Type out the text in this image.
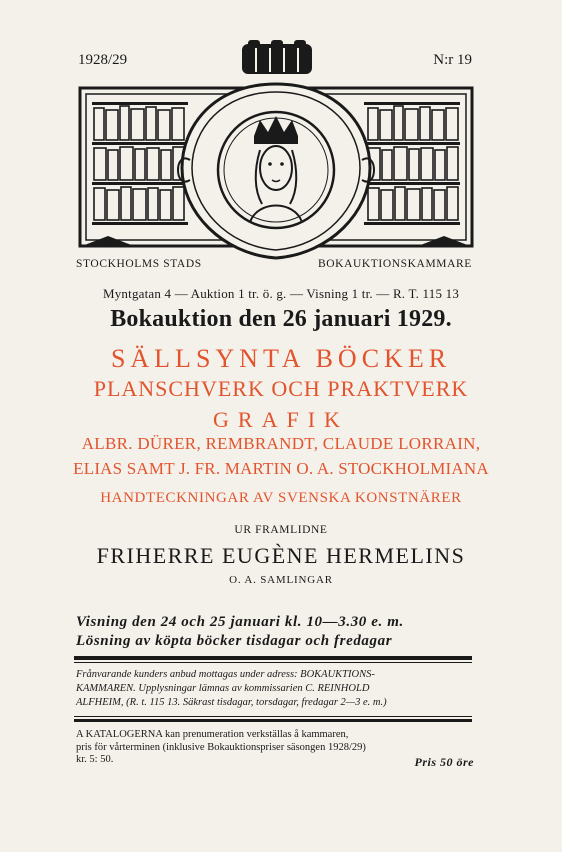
1928/29	N:r 19
STOCKHOLMS STADS	BOKAUKTIONSKAMMARE
Myntgatan 4 — Auktion 1 tr. ö. g. — Visning 1 tr. — R. T. 115 13
Bokauktion den 26 januari 1929.
SÄLLSYNTA BÖCKER
PLANSCHVERK OCH PRAKTVERK
GRAFIK
ALBR. DÜRER, REMBRANDT, CLAUDE LORRAIN,
ELIAS SAMT J. FR. MARTIN O. A. STOCKHOLMIANA
HANDTECKNINGAR AV SVENSKA KONSTNÄRER
UR FRAMLIDNE
FRIHERRE EUGÈNE HERMELINS
O. A. SAMLINGAR
Visning den 24 och 25 januari kl. 10—3.30 e. m.
Lösning av köpta böcker tisdagar och fredagar
Frånvarande kunders anbud mottagas under adress: BOKAUKTIONS-
KAMMAREN. Upplysningar lämnas av kommissarien C. REINHOLD
ALFHEIM, (R. t. 115 13. Säkrast tisdagar, torsdagar, fredagar 2—3 e. m.)
A KATALOGERNA kan prenumeration verkställas å kammaren,
pris för vårterminen (inklusive Bokauktionspriser säsongen 1928/29)
kr. 5: 50.	Pris 50 öre
